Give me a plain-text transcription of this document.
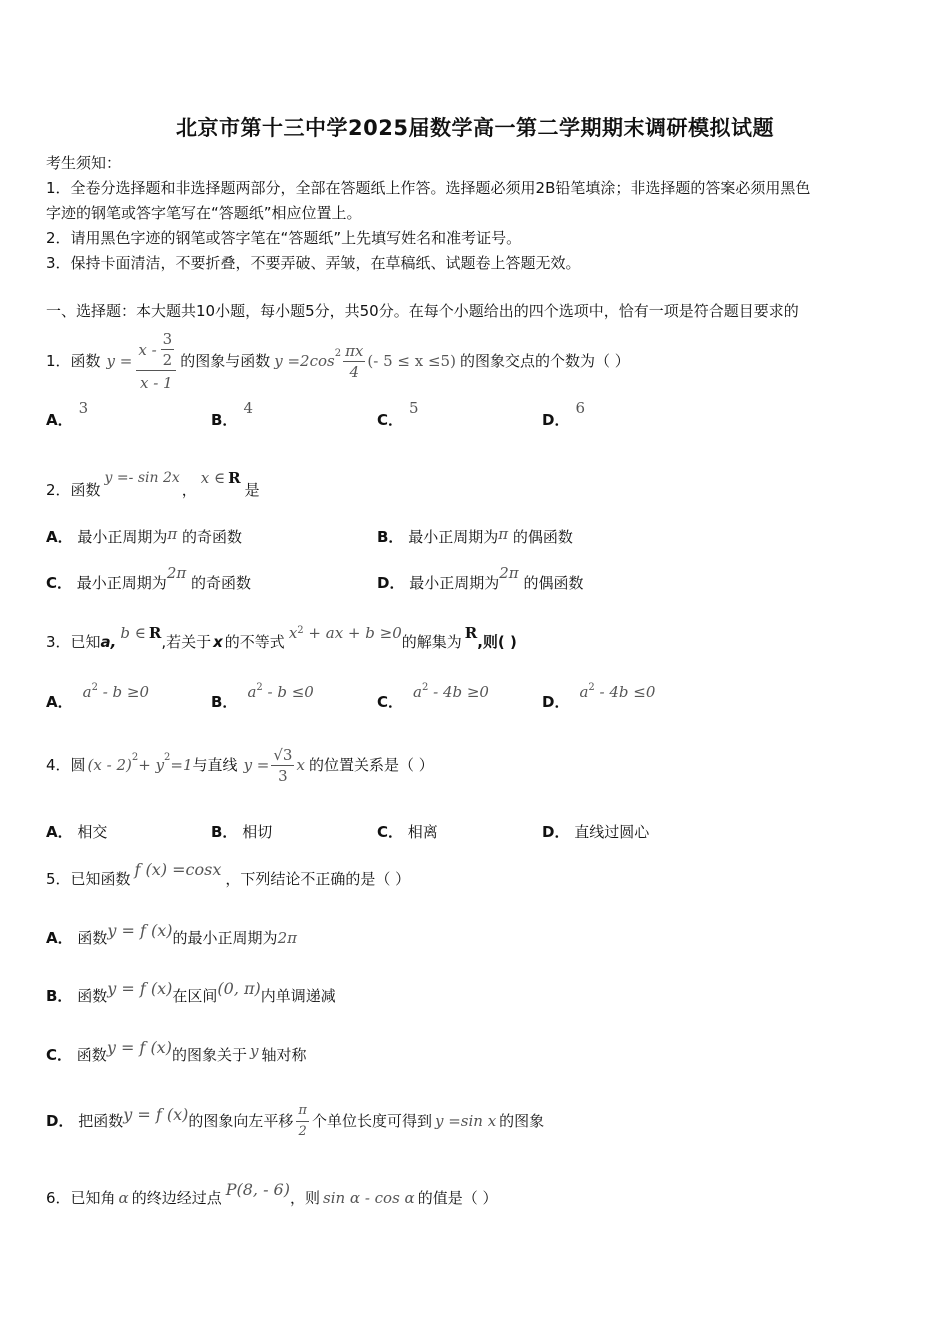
北京市第十三中学2025届数学高一第二学期期末调研模拟试题
考生须知：
1．全卷分选择题和非选择题两部分，全部在答题纸上作答。选择题必须用2B铅笔填涂；非选择题的答案必须用黑色
字迹的钢笔或答字笔写在“答题纸”相应位置上。
2．请用黑色字迹的钢笔或答字笔在“答题纸”上先填写姓名和准考证号。
3．保持卡面清洁，不要折叠，不要弄破、弄皱，在草稿纸、试题卷上答题无效。
一、选择题：本大题共10小题，每小题5分，共50分。在每个小题给出的四个选项中，恰有一项是符合题目要求的
1．函数 $y = \frac{x - \frac{3}{2}}{x - 1}$ 的图象与函数 y =2cos $2 \frac{\pi x}{4}$ (- 5 ≤ x ≤5) 的图象交点的个数为（ ）
A．3
B．4
C．5
D．6
2．函数
y =- sin 2x
，
x ∈ R
是
A． 最小正周期为π 的奇函数	B． 最小正周期为π 的偶函数
C． 最小正周期为2π 的奇函数	D． 最小正周期为2π 的偶函数
3．已知a, b ∈ R,若关于 x 的不等式 $x^2$ + ax + b ≥0的解集为 R,则( )
A．$a^2 - b \ge 0$
B．$a^2 - b \le 0$
C．$a^2 - 4b \ge 0$
D．$a^2 - 4b \le 0$
4．圆 (x - 2) 2 + y 2 =1 与直线 $y = \frac{√3}{3}$ x 的位置关系是（ ）
A． 相交	B． 相切	C． 相离	D． 直线过圆心
5．已知函数 f (x) =cosx ，下列结论不正确的是（ ）
A． 函数y = f (x)的最小正周期为2π
B． 函数y = f (x)在区间(0, π)内单调递减
C． 函数y = f (x)的图象关于 y 轴对称
D．
把函数 y = f (x) 的图象向左平移 $\frac{\pi}{2}$ 个单位长度可得到 y =sin x 的图象
6．已知角 α 的终边经过点 P(8, - 6)，则 sin α - cos α 的值是（ ）
